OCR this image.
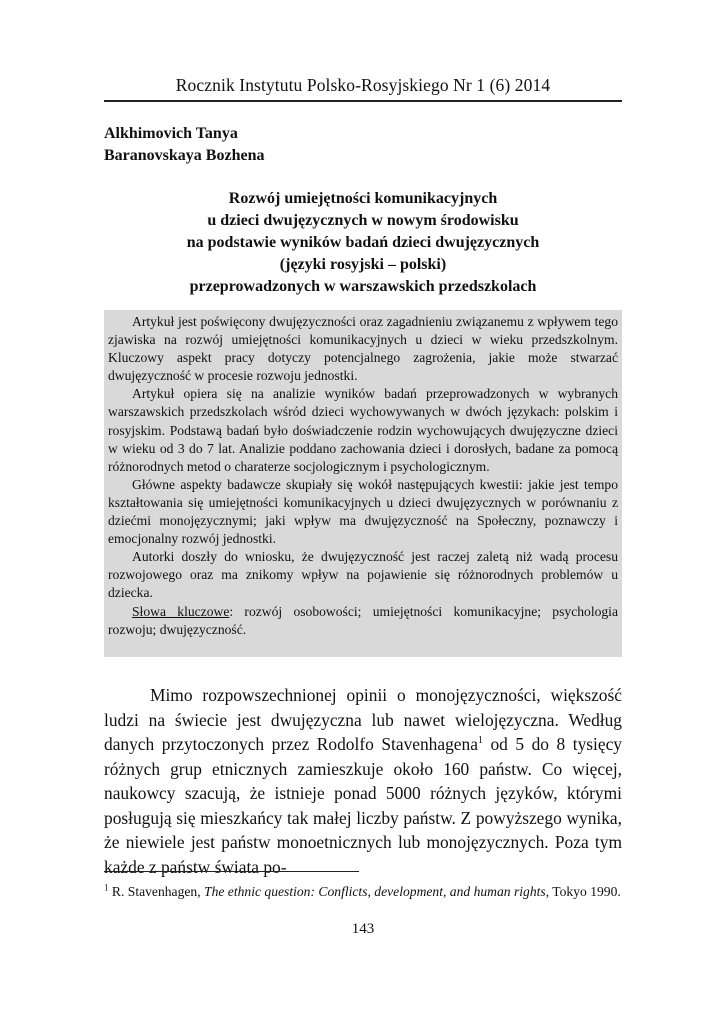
Rocznik Instytutu Polsko-Rosyjskiego Nr 1 (6) 2014
Alkhimovich Tanya
Baranovskaya Bozhena
Rozwój umiejętności komunikacyjnych
u dzieci dwujęzycznych w nowym środowisku
na podstawie wyników badań dzieci dwujęzycznych
(języki rosyjski – polski)
przeprowadzonych w warszawskich przedszkolach

Artykuł jest poświęcony dwujęzyczności oraz zagadnieniu związanemu z wpływem tego zjawiska na rozwój umiejętności komunikacyjnych u dzieci w wieku przedszkolnym. Kluczowy aspekt pracy dotyczy potencjalnego zagrożenia, jakie może stwarzać dwujęzyczność w procesie rozwoju jednostki.

Artykuł opiera się na analizie wyników badań przeprowadzonych w wybranych warszawskich przedszkolach wśród dzieci wychowywanych w dwóch językach: polskim i rosyjskim. Podstawą badań było doświadczenie rodzin wychowujących dwujęzyczne dzieci w wieku od 3 do 7 lat. Analizie poddano zachowania dzieci i dorosłych, badane za pomocą różnorodnych metod o charaterze socjologicznym i psychologicznym.

Główne aspekty badawcze skupiały się wokół następujących kwestii: jakie jest tempo kształtowania się umiejętności komunikacyjnych u dzieci dwujęzycznych w porównaniu z dziećmi monojęzycznymi; jaki wpływ ma dwujęzyczność na Społeczny, poznawczy i emocjonalny rozwój jednostki.

Autorki doszły do wniosku, że dwujęzyczność jest raczej zaletą niż wadą procesu rozwojowego oraz ma znikomy wpływ na pojawienie się różnorodnych problemów u dziecka.

Słowa kluczowe: rozwój osobowości; umiejętności komunikacyjne; psychologia rozwoju; dwujęzyczność.

Mimo rozpowszechnionej opinii o monojęzyczności, większość ludzi na świecie jest dwujęzyczna lub nawet wielojęzyczna. Według danych przytoczonych przez Rodolfo Stavenhagena$^1$ od 5 do 8 tysięcy różnych grup etnicznych zamieszkuje około 160 państw. Co więcej, naukowcy szacują, że istnieje ponad 5000 różnych języków, którymi posługują się mieszkańcy tak małej liczby państw. Z powyższego wynika, że niewiele jest państw monoetnicznych lub monojęzycznych. Poza tym każde z państw świata po-

$^1$ R. Stavenhagen, The ethnic question: Conflicts, development, and human rights, Tokyo 1990.
143
